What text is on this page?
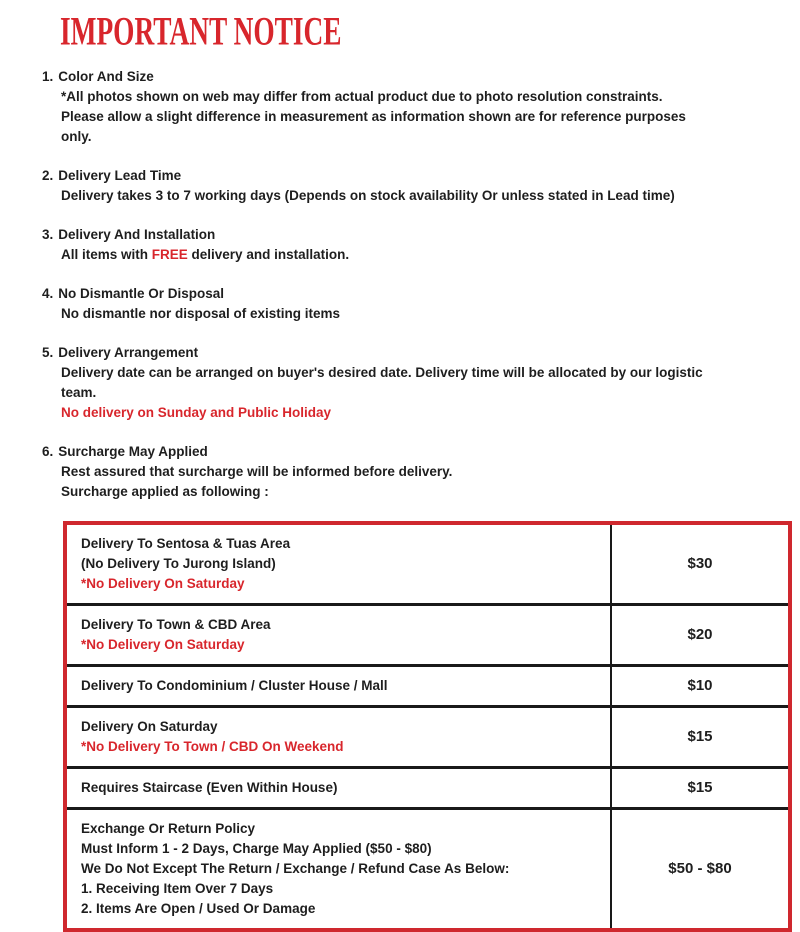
IMPORTANT NOTICE
1. Color And Size
*All photos shown on web may differ from actual product due to photo resolution constraints.
Please allow a slight difference in measurement as information shown are for reference purposes
only.
2. Delivery Lead Time
Delivery takes 3 to 7 working days (Depends on stock availability Or unless stated in Lead time)
3. Delivery And Installation
All items with FREE delivery and installation.
4. No Dismantle Or Disposal
No dismantle nor disposal of existing items
5. Delivery Arrangement
Delivery date can be arranged on buyer's desired date. Delivery time will be allocated by our logistic
team.
No delivery on Sunday and Public Holiday
6. Surcharge May Applied
Rest assured that surcharge will be informed before delivery.
Surcharge applied as following :
Delivery To Sentosa & Tuas Area
(No Delivery To Jurong Island)
*No Delivery On Saturday	$30

Delivery To Town & CBD Area
*No Delivery On Saturday	$20

Delivery To Condominium / Cluster House / Mall	$10

Delivery On Saturday
*No Delivery To Town / CBD On Weekend	$15

Requires Staircase (Even Within House)	$15

Exchange Or Return Policy
Must Inform 1 - 2 Days, Charge May Applied ($50 - $80)
We Do Not Except The Return / Exchange / Refund Case As Below:
1. Receiving Item Over 7 Days
2. Items Are Open / Used Or Damage	$50 - $80
